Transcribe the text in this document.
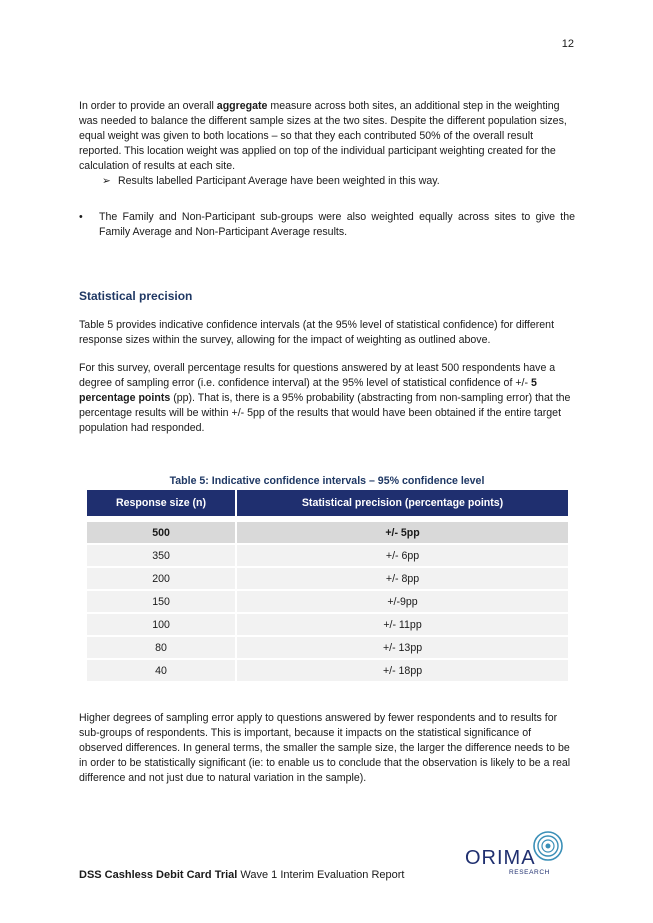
12
In order to provide an overall aggregate measure across both sites, an additional step in the weighting was needed to balance the different sample sizes at the two sites. Despite the different population sizes, equal weight was given to both locations – so that they each contributed 50% of the overall result reported. This location weight was applied on top of the individual participant weighting created for the calculation of results at each site.
➢ Results labelled Participant Average have been weighted in this way.
• The Family and Non-Participant sub-groups were also weighted equally across sites to give the Family Average and Non-Participant Average results.
Statistical precision
Table 5 provides indicative confidence intervals (at the 95% level of statistical confidence) for different response sizes within the survey, allowing for the impact of weighting as outlined above.
For this survey, overall percentage results for questions answered by at least 500 respondents have a degree of sampling error (i.e. confidence interval) at the 95% level of statistical confidence of +/- 5 percentage points (pp). That is, there is a 95% probability (abstracting from non-sampling error) that the percentage results will be within +/- 5pp of the results that would have been obtained if the entire target population had responded.
Table 5: Indicative confidence intervals – 95% confidence level
Response size (n)	Statistical precision (percentage points)

500	+/- 5pp
350	+/- 6pp
200	+/- 8pp
150	+/-9pp
100	+/- 11pp
80	+/- 13pp
40	+/- 18pp
Higher degrees of sampling error apply to questions answered by fewer respondents and to results for sub-groups of respondents. This is important, because it impacts on the statistical significance of observed differences. In general terms, the smaller the sample size, the larger the difference needs to be in order to be statistically significant (ie: to enable us to conclude that the observation is likely to be a real difference and not just due to natural variation in the sample).
ORIMA
RESEARCH
DSS Cashless Debit Card Trial Wave 1 Interim Evaluation Report
